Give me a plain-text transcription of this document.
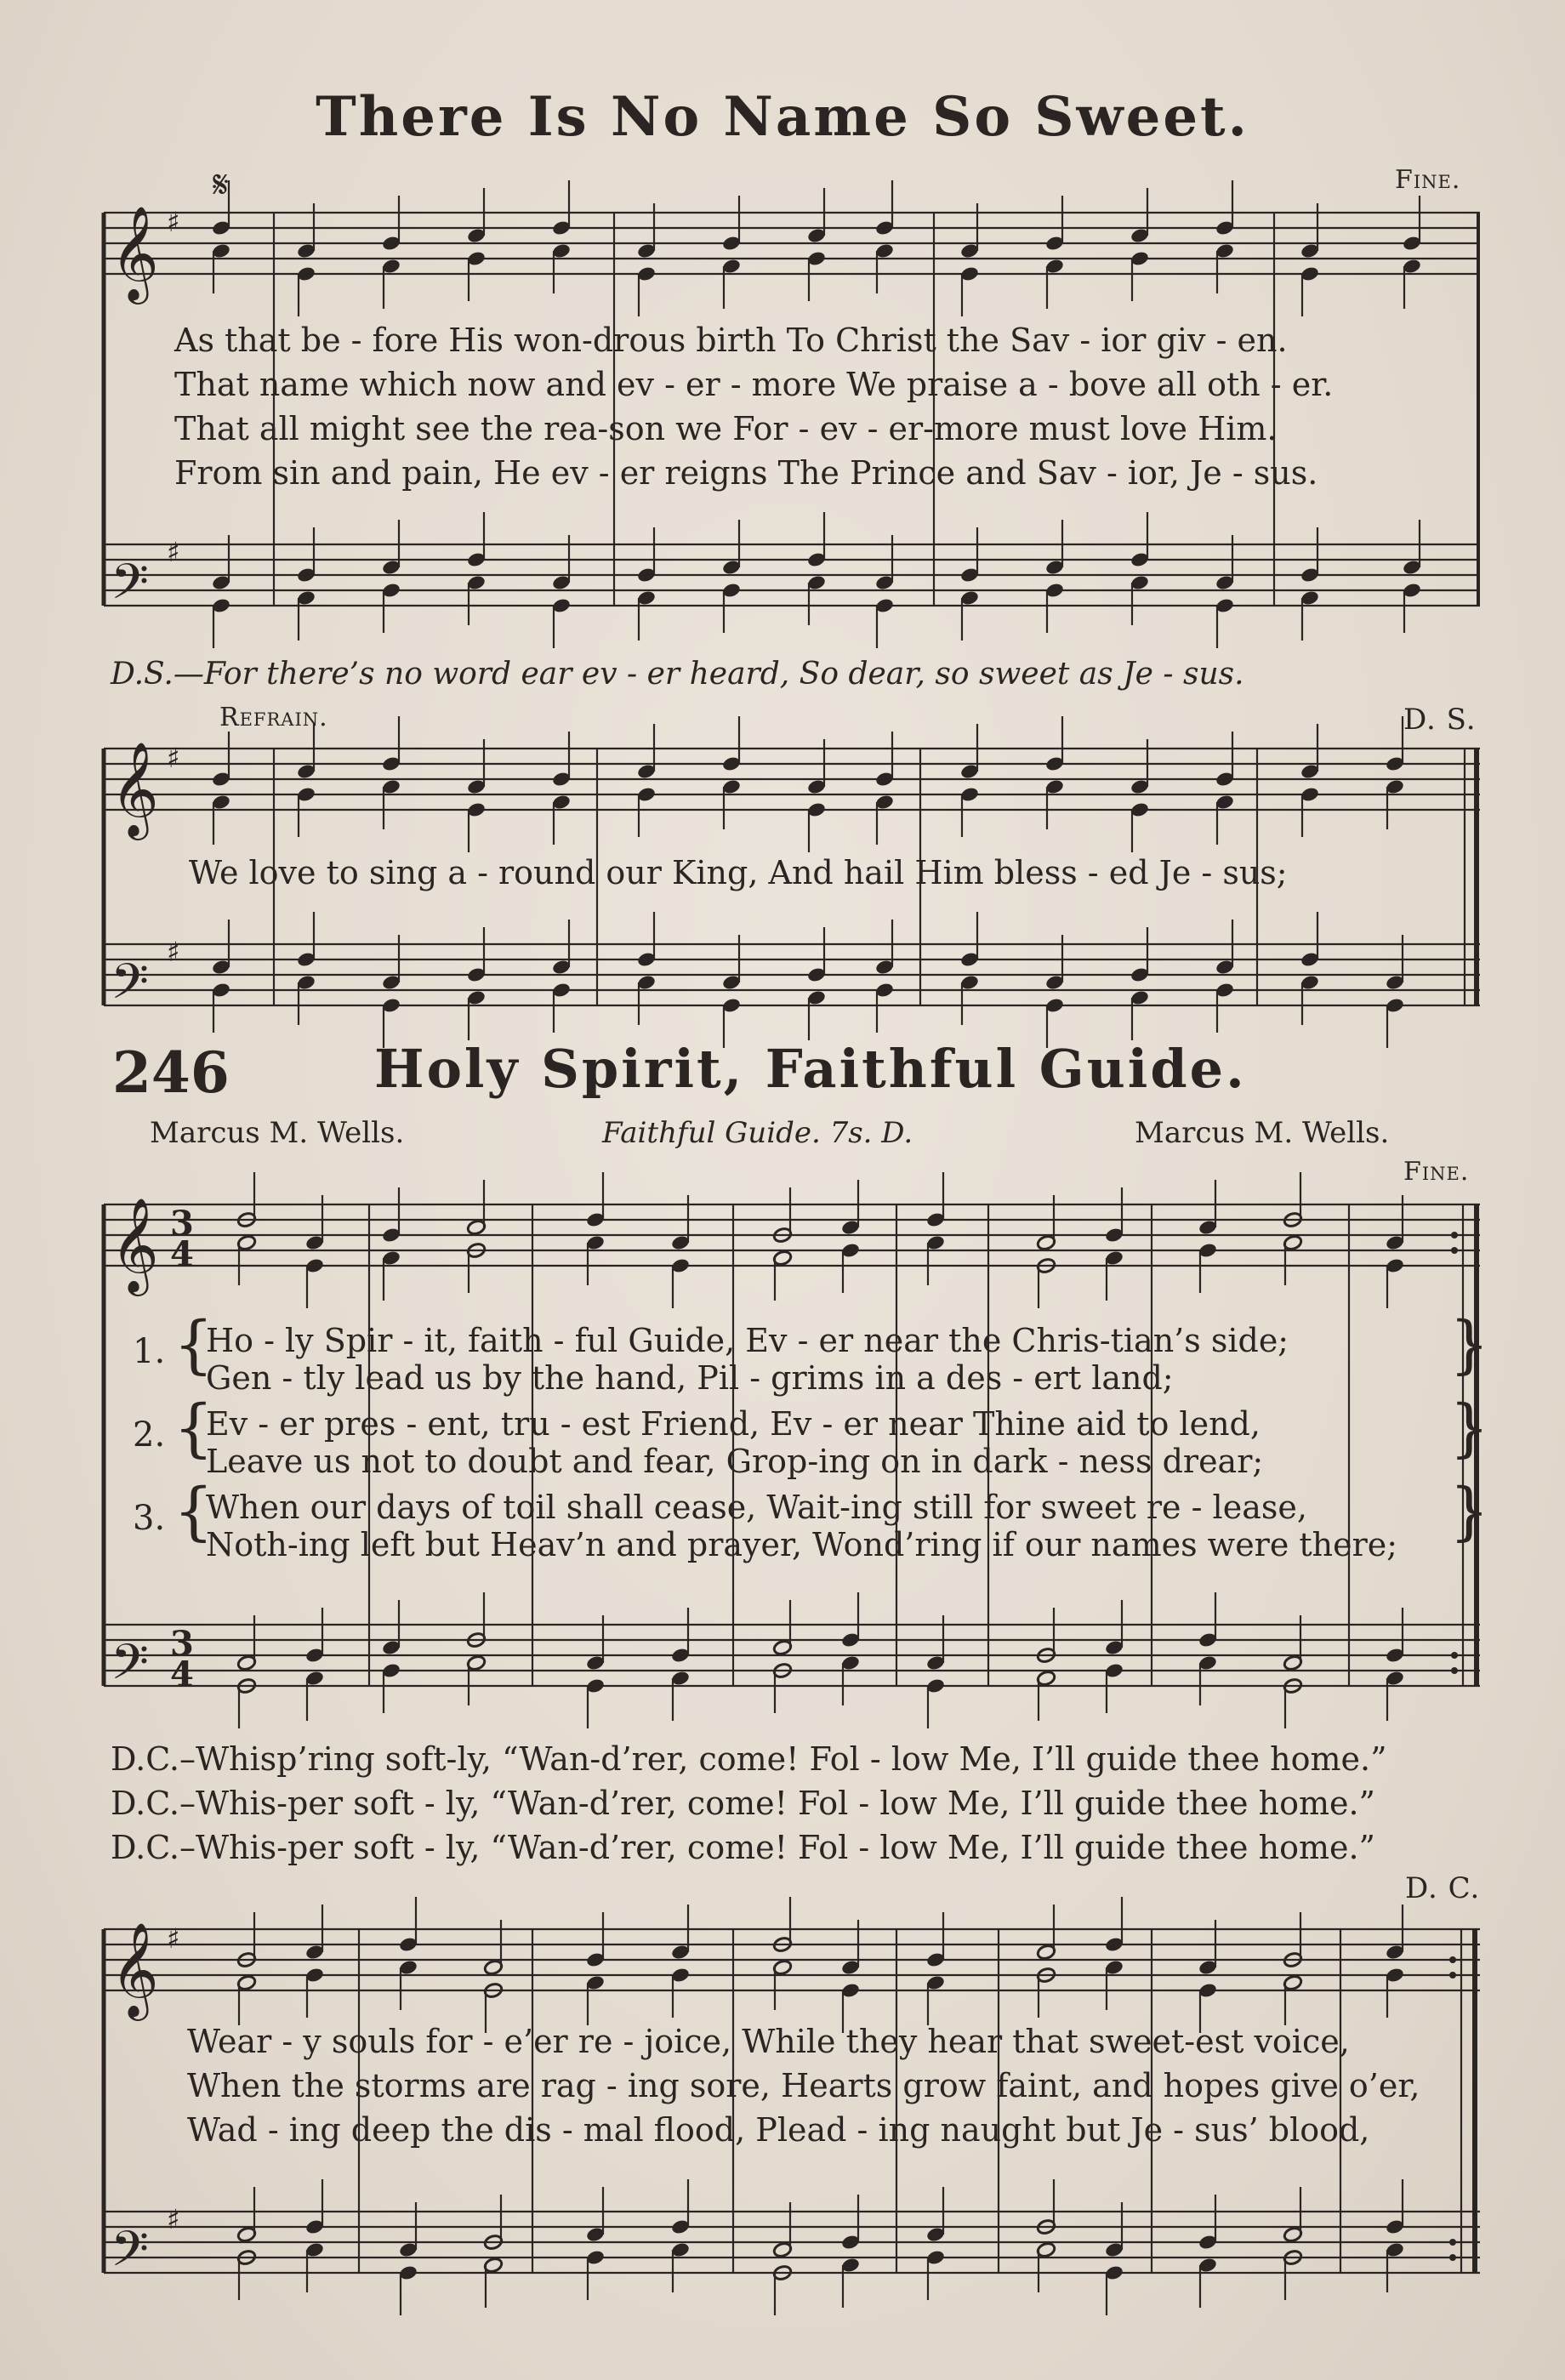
There Is No Name So Sweet.
Fine.
𝄞
𝄢
𝄞
𝄢
𝄞
𝄢
𝄞
𝄢
♯
♯
♯
♯
♯
♯
3
4
3
4
𝄋
As that be - fore His won-drous birth To Christ the Sav - ior giv - en.
That name which now and ev - er - more We praise a - bove all oth - er.
That all might see the rea-son we For - ev - er-more must love Him.
From sin and pain, He ev - er reigns The Prince and Sav - ior, Je - sus.
D.S.—For there’s no word ear ev - er heard, So dear, so sweet as Je - sus.
Refrain.	D. S.
We love to sing a - round our King, And hail Him bless - ed Je - sus;
246	Holy Spirit, Faithful Guide.
Marcus M. Wells.	Faithful Guide. 7s. D.	Marcus M. Wells.
Fine.
1.
2.
3.
{
{
{
}
}
}
Ho - ly Spir - it, faith - ful Guide, Ev - er near the Chris-tian’s side;
Gen - tly lead us by the hand, Pil - grims in a des - ert land;
Ev - er pres - ent, tru - est Friend, Ev - er near Thine aid to lend,
Leave us not to doubt and fear, Grop-ing on in dark - ness drear;
When our days of toil shall cease, Wait-ing still for sweet re - lease,
Noth-ing left but Heav’n and prayer, Wond’ring if our names were there;
D.C.–Whisp’ring soft-ly, “Wan-d’rer, come! Fol - low Me, I’ll guide thee home.”
D.C.–Whis-per soft - ly, “Wan-d’rer, come! Fol - low Me, I’ll guide thee home.”
D.C.–Whis-per soft - ly, “Wan-d’rer, come! Fol - low Me, I’ll guide thee home.”
D. C.
Wear - y souls for - e’er re - joice, While they hear that sweet-est voice,
When the storms are rag - ing sore, Hearts grow faint, and hopes give o’er,
Wad - ing deep the dis - mal flood, Plead - ing naught but Je - sus’ blood,
